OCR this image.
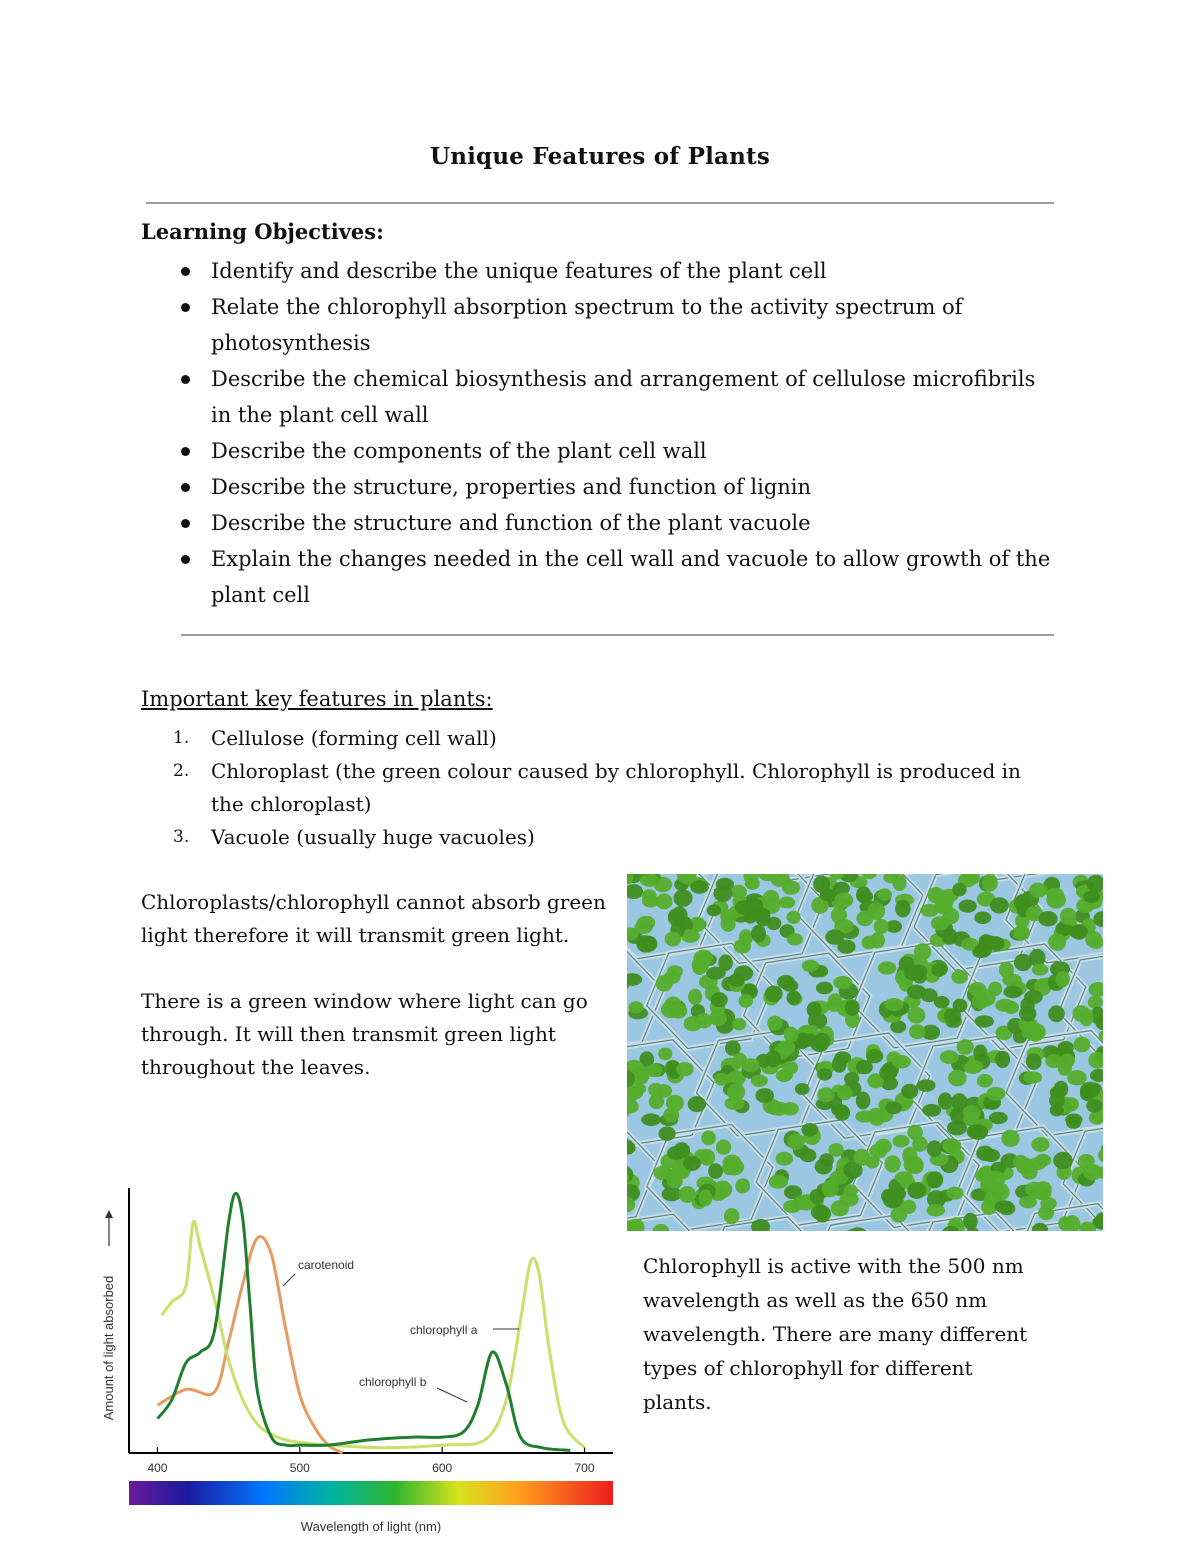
Unique Features of Plants
Learning Objectives:
Identify and describe the unique features of the plant cell
Relate the chlorophyll absorption spectrum to the activity spectrum of photosynthesis
Describe the chemical biosynthesis and arrangement of cellulose microfibrils in the plant cell wall
Describe the components of the plant cell wall
Describe the structure, properties and function of lignin
Describe the structure and function of the plant vacuole
Explain the changes needed in the cell wall and vacuole to allow growth of the plant cell
Important key features in plants:
1. Cellulose (forming cell wall)
2. Chloroplast (the green colour caused by chlorophyll. Chlorophyll is produced in the chloroplast)
3. Vacuole (usually huge vacuoles)
Chloroplasts/chlorophyll cannot absorb green light therefore it will transmit green light.
There is a green window where light can go through. It will then transmit green light throughout the leaves.
Chlorophyll is active with the 500 nm wavelength as well as the 650 nm wavelength. There are many different types of chlorophyll for different plants.
400	500	600	700
Wavelength of light (nm)
Amount of light absorbed
carotenoid
chlorophyll a
chlorophyll b
